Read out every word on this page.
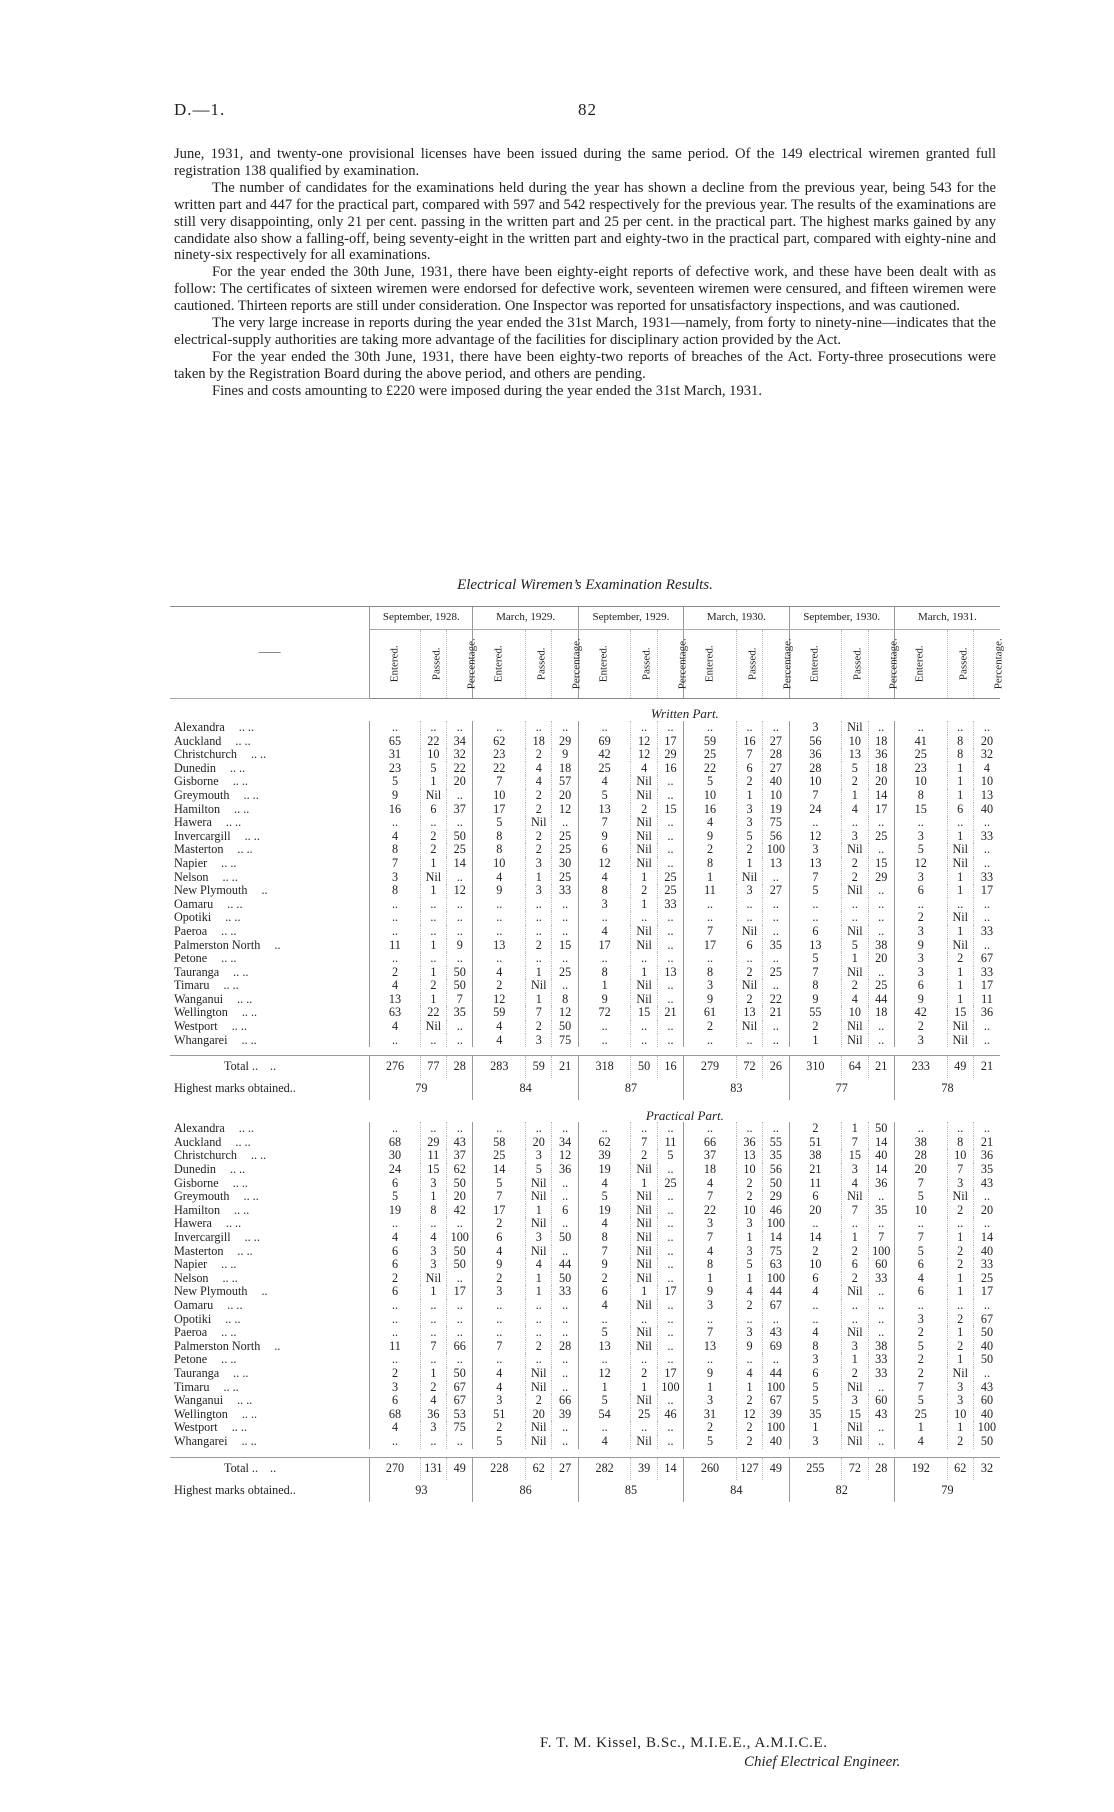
D.—1.	82

June, 1931, and twenty-one provisional licenses have been issued during the same period. Of the 149 electrical wiremen granted full registration 138 qualified by examination.

The number of candidates for the examinations held during the year has shown a decline from the previous year, being 543 for the written part and 447 for the practical part, compared with 597 and 542 respectively for the previous year. The results of the examinations are still very disappointing, only 21 per cent. passing in the written part and 25 per cent. in the practical part. The highest marks gained by any candidate also show a falling-off, being seventy-eight in the written part and eighty-two in the practical part, compared with eighty-nine and ninety-six respectively for all examinations.

For the year ended the 30th June, 1931, there have been eighty-eight reports of defective work, and these have been dealt with as follow: The certificates of sixteen wiremen were endorsed for defective work, seventeen wiremen were censured, and fifteen wiremen were cautioned. Thirteen reports are still under consideration. One Inspector was reported for unsatisfactory inspections, and was cautioned.

The very large increase in reports during the year ended the 31st March, 1931—namely, from forty to ninety-nine—indicates that the electrical-supply authorities are taking more advantage of the facilities for disciplinary action provided by the Act.

For the year ended the 30th June, 1931, there have been eighty-two reports of breaches of the Act. Forty-three prosecutions were taken by the Registration Board during the above period, and others are pending.

Fines and costs amounting to £220 were imposed during the year ended the 31st March, 1931.

Electrical Wiremen’s Examination Results.
——	September, 1928.			March, 1929.			September, 1929.			March, 1930.			September, 1930.			March, 1931.		
	Entered.	Passed.	Percentage.	Entered.	Passed.	Percentage.	Entered.	Passed.	Percentage.	Entered.	Passed.	Percentage.	Entered.	Passed.	Percentage.	Entered.	Passed.	Percentage.
	Written Part.																	
Alexandra .. ..	..	..	..	..	..	..	..	..	..	..	..	..	3	Nil	..	..	..	..
Auckland .. ..	65	22	34	62	18	29	69	12	17	59	16	27	56	10	18	41	8	20
Christchurch .. ..	31	10	32	23	2	9	42	12	29	25	7	28	36	13	36	25	8	32
Dunedin .. ..	23	5	22	22	4	18	25	4	16	22	6	27	28	5	18	23	1	4
Gisborne .. ..	5	1	20	7	4	57	4	Nil	..	5	2	40	10	2	20	10	1	10
Greymouth .. ..	9	Nil	..	10	2	20	5	Nil	..	10	1	10	7	1	14	8	1	13
Hamilton .. ..	16	6	37	17	2	12	13	2	15	16	3	19	24	4	17	15	6	40
Hawera .. ..	..	..	..	5	Nil	..	7	Nil	..	4	3	75	..	..	..	..	..	..
Invercargill .. ..	4	2	50	8	2	25	9	Nil	..	9	5	56	12	3	25	3	1	33
Masterton .. ..	8	2	25	8	2	25	6	Nil	..	2	2	100	3	Nil	..	5	Nil	..
Napier .. ..	7	1	14	10	3	30	12	Nil	..	8	1	13	13	2	15	12	Nil	..
Nelson .. ..	3	Nil	..	4	1	25	4	1	25	1	Nil	..	7	2	29	3	1	33
New Plymouth ..	8	1	12	9	3	33	8	2	25	11	3	27	5	Nil	..	6	1	17
Oamaru .. ..	..	..	..	..	..	..	3	1	33	..	..	..	..	..	..	..	..	..
Opotiki .. ..	..	..	..	..	..	..	..	..	..	..	..	..	..	..	..	2	Nil	..
Paeroa .. ..	..	..	..	..	..	..	4	Nil	..	7	Nil	..	6	Nil	..	3	1	33
Palmerston North ..	11	1	9	13	2	15	17	Nil	..	17	6	35	13	5	38	9	Nil	..
Petone .. ..	..	..	..	..	..	..	..	..	..	..	..	..	5	1	20	3	2	67
Tauranga .. ..	2	1	50	4	1	25	8	1	13	8	2	25	7	Nil	..	3	1	33
Timaru .. ..	4	2	50	2	Nil	..	1	Nil	..	3	Nil	..	8	2	25	6	1	17
Wanganui .. ..	13	1	7	12	1	8	9	Nil	..	9	2	22	9	4	44	9	1	11
Wellington .. ..	63	22	35	59	7	12	72	15	21	61	13	21	55	10	18	42	15	36
Westport .. ..	4	Nil	..	4	2	50	..	..	..	2	Nil	..	2	Nil	..	2	Nil	..
Whangarei .. ..	..	..	..	4	3	75	..	..	..	..	..	..	1	Nil	..	3	Nil	..

Total .. ..	276	77	28	283	59	21	318	50	16	279	72	26	310	64	21	233	49	21
Highest marks obtained..	79			84			87			83			77			78		
	Practical Part.																	
Alexandra .. ..	..	..	..	..	..	..	..	..	..	..	..	..	2	1	50	..	..	..
Auckland .. ..	68	29	43	58	20	34	62	7	11	66	36	55	51	7	14	38	8	21
Christchurch .. ..	30	11	37	25	3	12	39	2	5	37	13	35	38	15	40	28	10	36
Dunedin .. ..	24	15	62	14	5	36	19	Nil	..	18	10	56	21	3	14	20	7	35
Gisborne .. ..	6	3	50	5	Nil	..	4	1	25	4	2	50	11	4	36	7	3	43
Greymouth .. ..	5	1	20	7	Nil	..	5	Nil	..	7	2	29	6	Nil	..	5	Nil	..
Hamilton .. ..	19	8	42	17	1	6	19	Nil	..	22	10	46	20	7	35	10	2	20
Hawera .. ..	..	..	..	2	Nil	..	4	Nil	..	3	3	100	..	..	..	..	..	..
Invercargill .. ..	4	4	100	6	3	50	8	Nil	..	7	1	14	14	1	7	7	1	14
Masterton .. ..	6	3	50	4	Nil	..	7	Nil	..	4	3	75	2	2	100	5	2	40
Napier .. ..	6	3	50	9	4	44	9	Nil	..	8	5	63	10	6	60	6	2	33
Nelson .. ..	2	Nil	..	2	1	50	2	Nil	..	1	1	100	6	2	33	4	1	25
New Plymouth ..	6	1	17	3	1	33	6	1	17	9	4	44	4	Nil	..	6	1	17
Oamaru .. ..	..	..	..	..	..	..	4	Nil	..	3	2	67	..	..	..	..	..	..
Opotiki .. ..	..	..	..	..	..	..	..	..	..	..	..	..	..	..	..	3	2	67
Paeroa .. ..	..	..	..	..	..	..	5	Nil	..	7	3	43	4	Nil	..	2	1	50
Palmerston North ..	11	7	66	7	2	28	13	Nil	..	13	9	69	8	3	38	5	2	40
Petone .. ..	..	..	..	..	..	..	..	..	..	..	..	..	3	1	33	2	1	50
Tauranga .. ..	2	1	50	4	Nil	..	12	2	17	9	4	44	6	2	33	2	Nil	..
Timaru .. ..	3	2	67	4	Nil	..	1	1	100	1	1	100	5	Nil	..	7	3	43
Wanganui .. ..	6	4	67	3	2	66	5	Nil	..	3	2	67	5	3	60	5	3	60
Wellington .. ..	68	36	53	51	20	39	54	25	46	31	12	39	35	15	43	25	10	40
Westport .. ..	4	3	75	2	Nil	..	..	..	..	2	2	100	1	Nil	..	1	1	100
Whangarei .. ..	..	..	..	5	Nil	..	4	Nil	..	5	2	40	3	Nil	..	4	2	50

Total .. ..	270	131	49	228	62	27	282	39	14	260	127	49	255	72	28	192	62	32
Highest marks obtained..	93			86			85			84			82			79		
F. T. M. Kissel, B.Sc., M.I.E.E., A.M.I.C.E.
Chief Electrical Engineer.
